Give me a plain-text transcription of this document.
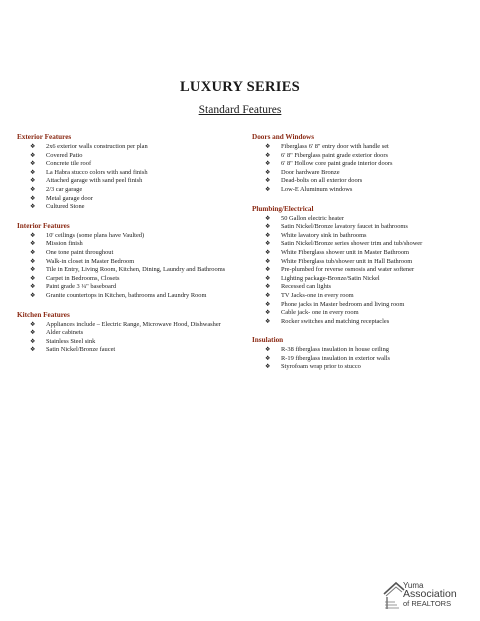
LUXURY SERIES
Standard Features
Exterior Features
❖ 2x6 exterior walls construction per plan
❖ Covered Patio
❖ Concrete tile roof
❖ La Habra stucco colors with sand finish
❖ Attached garage with sand peel finish
❖ 2/3 car garage
❖ Metal garage door
❖ Cultured Stone
Interior Features
❖ 10' ceilings (some plans have Vaulted)
❖ Mission finish
❖ One tone paint throughout
❖ Walk-in closet in Master Bedroom
❖ Tile in Entry, Living Room, Kitchen, Dining, Laundry and Bathrooms
❖ Carpet in Bedrooms, Closets
❖ Paint grade 3 ¼" baseboard
❖ Granite countertops in Kitchen, bathrooms and Laundry Room
Kitchen Features
❖ Appliances include – Electric Range, Microwave Hood, Dishwasher
❖ Alder cabinets
❖ Stainless Steel sink
❖ Satin Nickel/Bronze faucet
Doors and Windows
❖ Fiberglass 6' 8" entry door with handle set
❖ 6' 8" Fiberglass paint grade exterior doors
❖ 6' 8" Hollow core paint grade interior doors
❖ Door hardware Bronze
❖ Dead-bolts on all exterior doors
❖ Low-E Aluminum windows
Plumbing/Electrical
❖ 50 Gallon electric heater
❖ Satin Nickel/Bronze lavatory faucet in bathrooms
❖ White lavatory sink in bathrooms
❖ Satin Nickel/Bronze series shower trim and tub/shower
❖ White Fiberglass shower unit in Master Bathroom
❖ White Fiberglass tub/shower unit in Hall Bathroom
❖ Pre-plumbed for reverse osmosis and water softener
❖ Lighting package-Bronze/Satin Nickel
❖ Recessed can lights
❖ TV Jacks-one in every room
❖ Phone jacks in Master bedroom and living room
❖ Cable jack- one in every room
❖ Rocker switches and matching receptacles
Insulation
❖ R-38 fiberglass insulation in house ceiling
❖ R-19 fiberglass insulation in exterior walls
❖ Styrofoam wrap prior to stucco
Yuma
Association
of REALTORS
